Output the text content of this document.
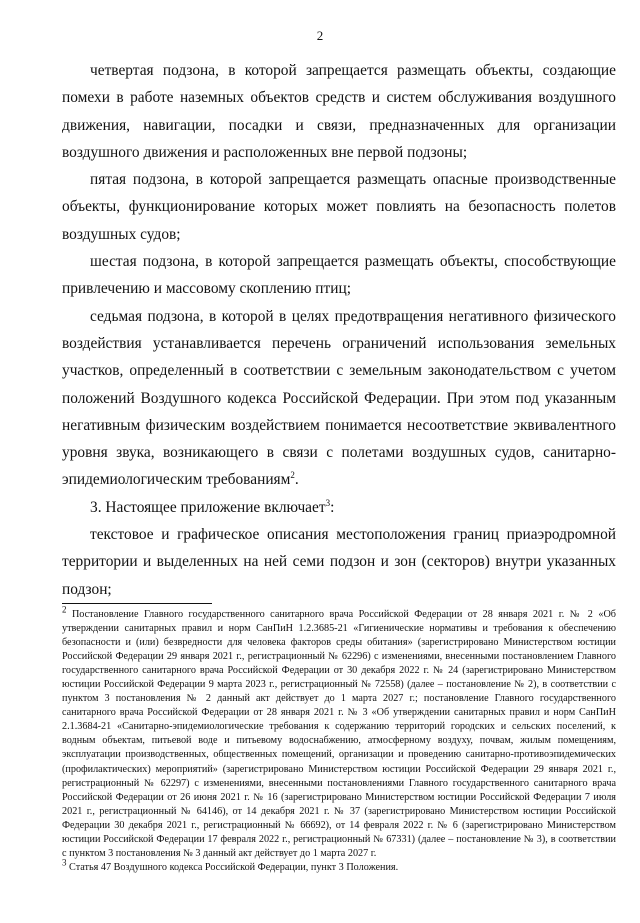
2

четвертая подзона, в которой запрещается размещать объекты, создающие помехи в работе наземных объектов средств и систем обслуживания воздушного движения, навигации, посадки и связи, предназначенных для организации воздушного движения и расположенных вне первой подзоны;

пятая подзона, в которой запрещается размещать опасные производственные объекты, функционирование которых может повлиять на безопасность полетов воздушных судов;

шестая подзона, в которой запрещается размещать объекты, способствующие привлечению и массовому скоплению птиц;

седьмая подзона, в которой в целях предотвращения негативного физического воздействия устанавливается перечень ограничений использования земельных участков, определенный в соответствии с земельным законодательством с учетом положений Воздушного кодекса Российской Федерации. При этом под указанным негативным физическим воздействием понимается несоответствие эквивалентного уровня звука, возникающего в связи с полетами воздушных судов, санитарно-эпидемиологическим требованиям$^2$.

3. Настоящее приложение включает$^3$:

текстовое и графическое описания местоположения границ приаэродромной территории и выделенных на ней семи подзон и зон (секторов) внутри указанных подзон;

$^2$ Постановление Главного государственного санитарного врача Российской Федерации от 28 января 2021 г. № 2 «Об утверждении санитарных правил и норм СанПиН 1.2.3685-21 «Гигиенические нормативы и требования к обеспечению безопасности и (или) безвредности для человека факторов среды обитания» (зарегистрировано Министерством юстиции Российской Федерации 29 января 2021 г., регистрационный № 62296) с изменениями, внесенными постановлением Главного государственного санитарного врача Российской Федерации от 30 декабря 2022 г. № 24 (зарегистрировано Министерством юстиции Российской Федерации 9 марта 2023 г., регистрационный № 72558) (далее – постановление № 2), в соответствии с пунктом 3 постановления № 2 данный акт действует до 1 марта 2027 г.; постановление Главного государственного санитарного врача Российской Федерации от 28 января 2021 г. № 3 «Об утверждении санитарных правил и норм СанПиН 2.1.3684-21 «Санитарно-эпидемиологические требования к содержанию территорий городских и сельских поселений, к водным объектам, питьевой воде и питьевому водоснабжению, атмосферному воздуху, почвам, жилым помещениям, эксплуатации производственных, общественных помещений, организации и проведению санитарно-противоэпидемических (профилактических) мероприятий» (зарегистрировано Министерством юстиции Российской Федерации 29 января 2021 г., регистрационный № 62297) с изменениями, внесенными постановлениями Главного государственного санитарного врача Российской Федерации от 26 июня 2021 г. № 16 (зарегистрировано Министерством юстиции Российской Федерации 7 июля 2021 г., регистрационный № 64146), от 14 декабря 2021 г. № 37 (зарегистрировано Министерством юстиции Российской Федерации 30 декабря 2021 г., регистрационный № 66692), от 14 февраля 2022 г. № 6 (зарегистрировано Министерством юстиции Российской Федерации 17 февраля 2022 г., регистрационный № 67331) (далее – постановление № 3), в соответствии с пунктом 3 постановления № 3 данный акт действует до 1 марта 2027 г.

$^3$ Статья 47 Воздушного кодекса Российской Федерации, пункт 3 Положения.
